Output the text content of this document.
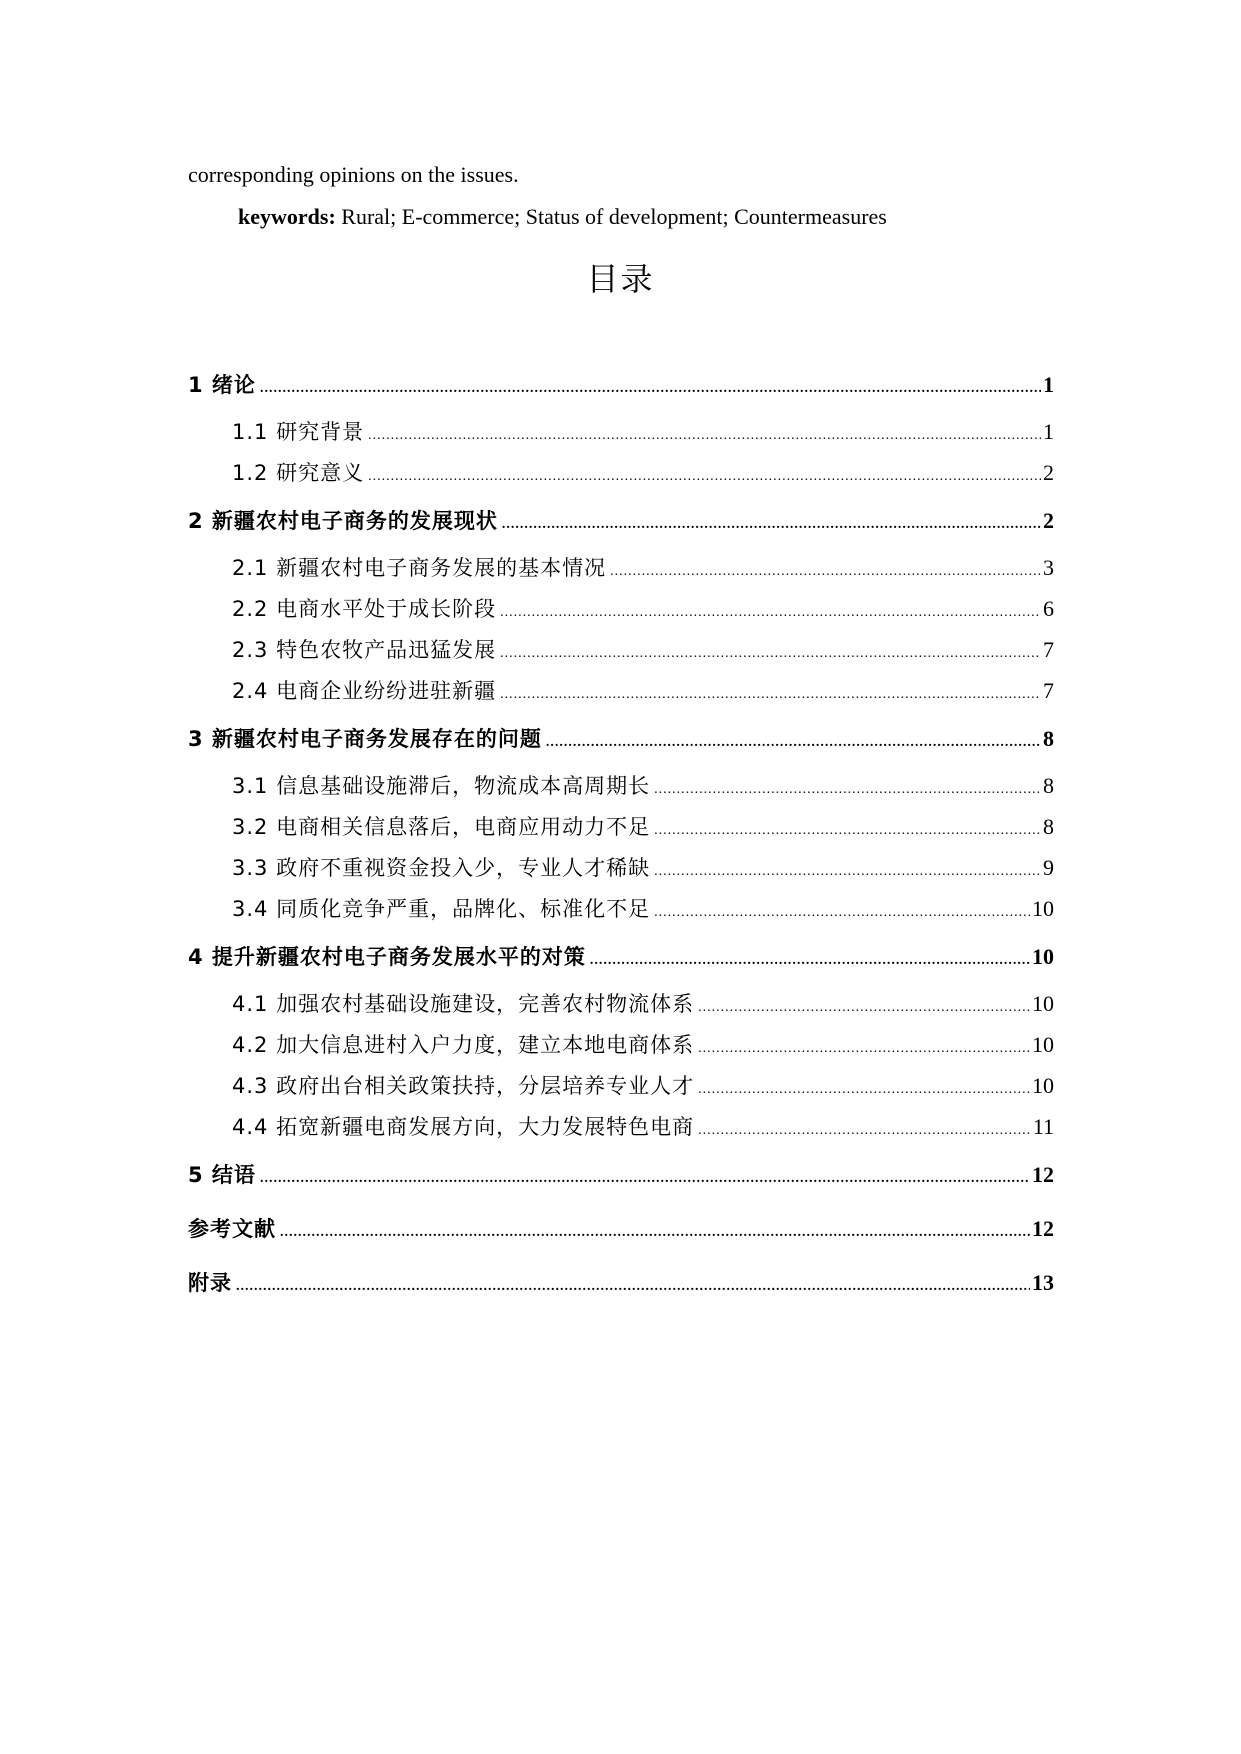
corresponding opinions on the issues.
keywords: Rural; E-commerce; Status of development; Countermeasures
目录
1 绪论 .....	1
1.1 研究背景 .....	1
1.2 研究意义 .....	2
2 新疆农村电子商务的发展现状 .....	2
2.1 新疆农村电子商务发展的基本情况 .....	3
2.2 电商水平处于成长阶段 .....	6
2.3 特色农牧产品迅猛发展 .....	7
2.4 电商企业纷纷进驻新疆 .....	7
3 新疆农村电子商务发展存在的问题 .....	8
3.1 信息基础设施滞后，物流成本高周期长 .....	8
3.2 电商相关信息落后，电商应用动力不足 .....	8
3.3 政府不重视资金投入少，专业人才稀缺 .....	9
3.4 同质化竞争严重，品牌化、标准化不足 .....	10
4 提升新疆农村电子商务发展水平的对策 .....	10
4.1 加强农村基础设施建设，完善农村物流体系 .....	10
4.2 加大信息进村入户力度，建立本地电商体系 .....	10
4.3 政府出台相关政策扶持，分层培养专业人才 .....	10
4.4 拓宽新疆电商发展方向，大力发展特色电商 .....	11
5 结语 .....	12
参考文献 .....	12
附录 .....	13
